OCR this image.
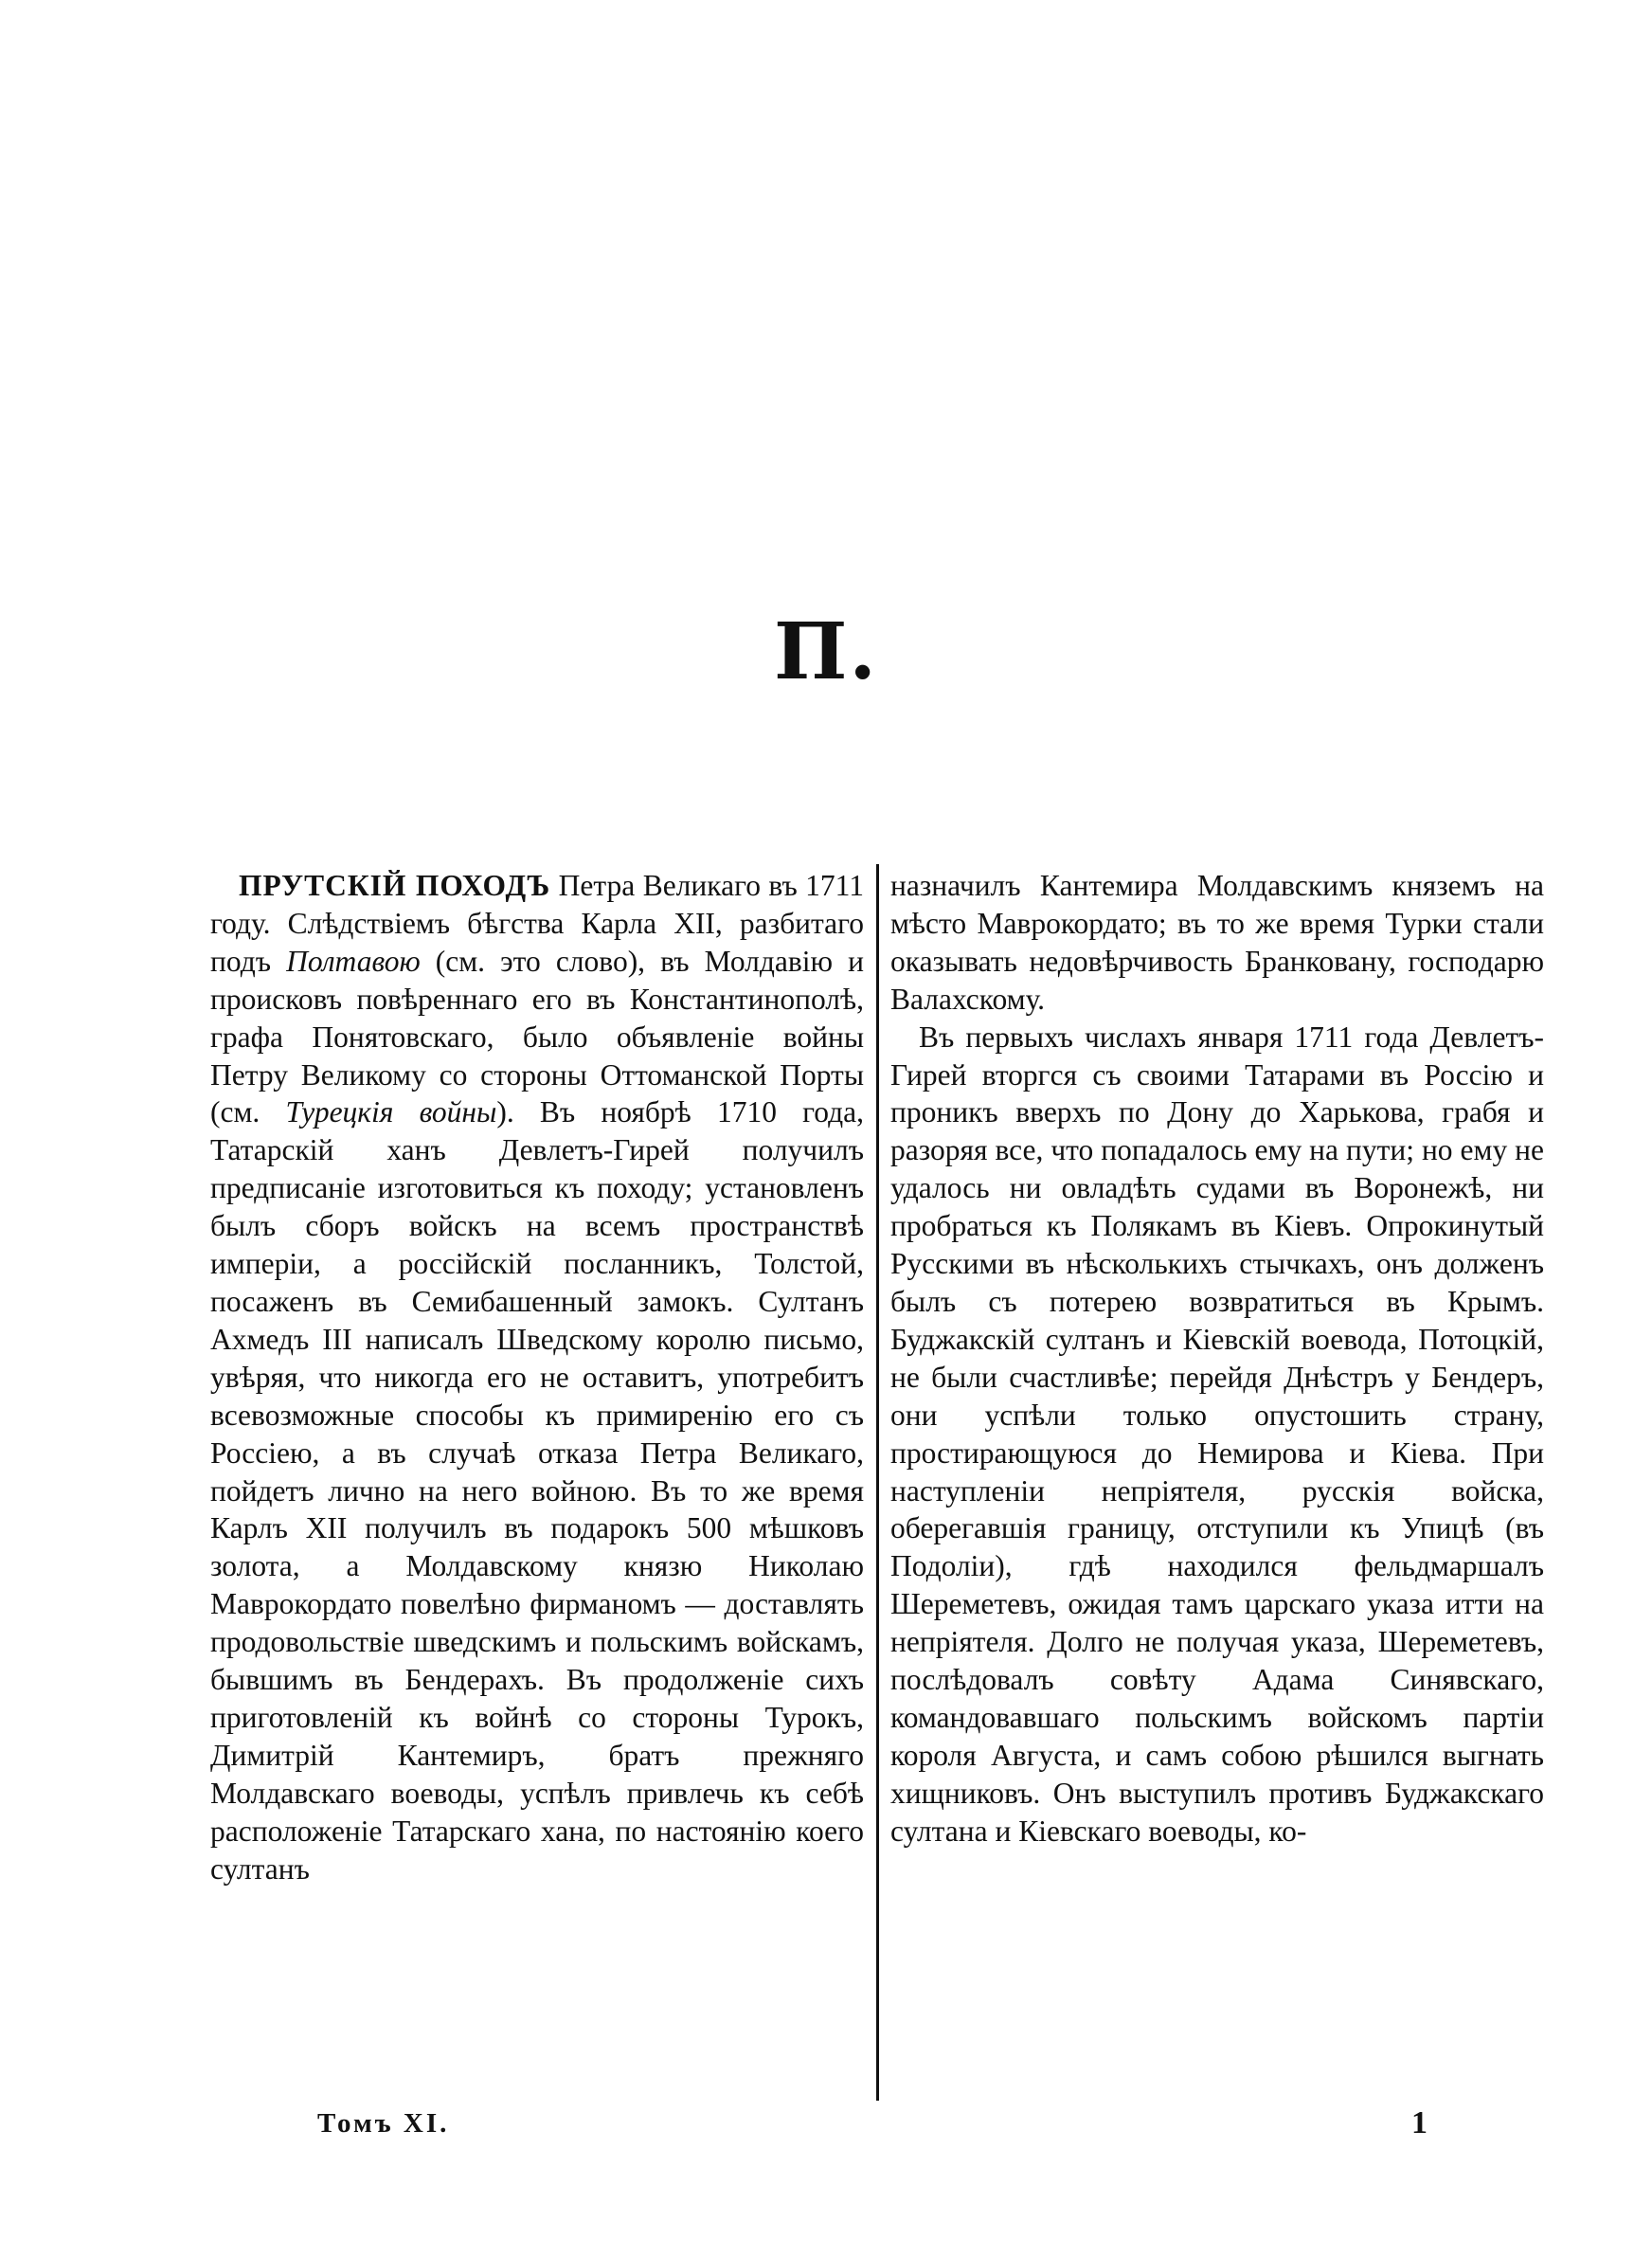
П.

ПРУТСКІЙ ПОХОДЪ Петра Великаго въ 1711 году. Слѣдствіемъ бѣгства Карла XII, разбитаго подъ Полтавою (см. это слово), въ Молдавію и происковъ повѣреннаго его въ Константинополѣ, графа Понятовскаго, было объявленіе войны Петру Великому со стороны Оттоманской Порты (см. Турецкія войны). Въ ноябрѣ 1710 года, Татарскій ханъ Девлетъ-Гирей получилъ предписаніе изготовиться къ походу; установленъ былъ сборъ войскъ на всемъ пространствѣ имперіи, а россійскій посланникъ, Толстой, посаженъ въ Семибашенный замокъ. Султанъ Ахмедъ III написалъ Шведскому королю письмо, увѣряя, что никогда его не оставитъ, употребитъ всевозможные способы къ примиренію его съ Россіею, а въ случаѣ отказа Петра Великаго, пойдетъ лично на него войною. Въ то же время Карлъ XII получилъ въ подарокъ 500 мѣшковъ золота, а Молдавскому князю Николаю Маврокордато повелѣно фирманомъ — доставлять продовольствіе шведскимъ и польскимъ войскамъ, бывшимъ въ Бендерахъ. Въ продолженіе сихъ приготовленій къ войнѣ со стороны Турокъ, Димитрій Кантемиръ, братъ прежняго Молдавскаго воеводы, успѣлъ привлечь къ себѣ расположеніе Татарскаго хана, по настоянію коего султанъ

назначилъ Кантемира Молдавскимъ княземъ на мѣсто Маврокордато; въ то же время Турки стали оказывать недовѣрчивость Бранковану, господарю Валахскому.

Въ первыхъ числахъ января 1711 года Девлетъ-Гирей вторгся съ своими Татарами въ Россію и проникъ вверхъ по Дону до Харькова, грабя и разоряя все, что попадалось ему на пути; но ему не удалось ни овладѣть судами въ Воронежѣ, ни пробраться къ Полякамъ въ Кіевъ. Опрокинутый Русскими въ нѣсколькихъ стычкахъ, онъ долженъ былъ съ потерею возвратиться въ Крымъ. Буджакскій султанъ и Кіевскій воевода, Потоцкій, не были счастливѣе; перейдя Днѣстръ у Бендеръ, они успѣли только опустошить страну, простирающуюся до Немирова и Кіева. При наступленіи непріятеля, русскія войска, оберегавшія границу, отступили къ Упицѣ (въ Подоліи), гдѣ находился фельдмаршалъ Шереметевъ, ожидая тамъ царскаго указа итти на непріятеля. Долго не получая указа, Шереметевъ, послѣдовалъ совѣту Адама Синявскаго, командовавшаго польскимъ войскомъ партіи короля Августа, и самъ собою рѣшился выгнать хищниковъ. Онъ выступилъ противъ Буджакскаго султана и Кіевскаго воеводы, ко-

Томъ XI.	1
